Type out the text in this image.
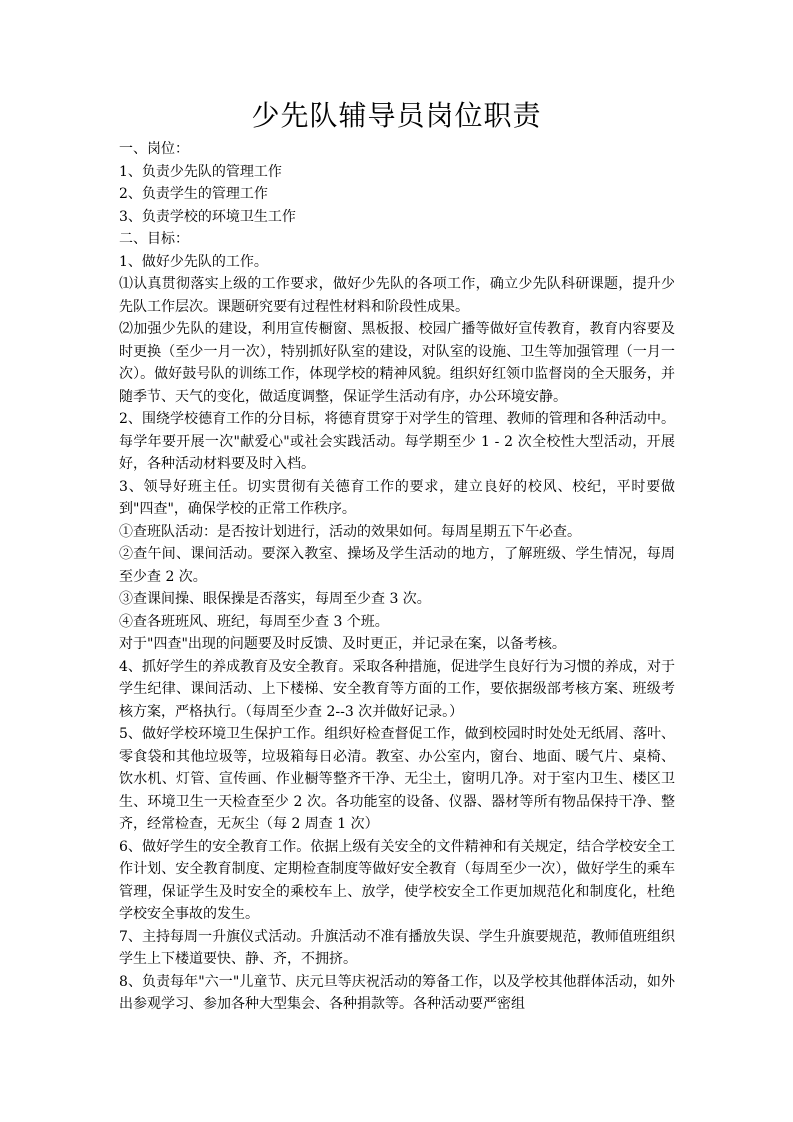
少先队辅导员岗位职责

一、岗位：

1、负责少先队的管理工作

2、负责学生的管理工作

3、负责学校的环境卫生工作

二、目标：

1、做好少先队的工作。

⑴认真贯彻落实上级的工作要求，做好少先队的各项工作，确立少先队科研课题，提升少先队工作层次。课题研究要有过程性材料和阶段性成果。

⑵加强少先队的建设，利用宣传橱窗、黑板报、校园广播等做好宣传教育，教育内容要及时更换（至少一月一次），特别抓好队室的建设，对队室的设施、卫生等加强管理（一月一次）。做好鼓号队的训练工作，体现学校的精神风貌。组织好红领巾监督岗的全天服务，并随季节、天气的变化，做适度调整，保证学生活动有序，办公环境安静。

2、围绕学校德育工作的分目标，将德育贯穿于对学生的管理、教师的管理和各种活动中。每学年要开展一次"献爱心"或社会实践活动。每学期至少 1 - 2 次全校性大型活动，开展好，各种活动材料要及时入档。

3、领导好班主任。切实贯彻有关德育工作的要求，建立良好的校风、校纪，平时要做到"四查"，确保学校的正常工作秩序。

①查班队活动：是否按计划进行，活动的效果如何。每周星期五下午必查。

②查午间、课间活动。要深入教室、操场及学生活动的地方，了解班级、学生情况，每周至少查 2 次。

③查课间操、眼保操是否落实，每周至少查 3 次。

④查各班班风、班纪，每周至少查 3 个班。

对于"四查"出现的问题要及时反馈、及时更正，并记录在案，以备考核。

4、抓好学生的养成教育及安全教育。采取各种措施，促进学生良好行为习惯的养成，对于学生纪律、课间活动、上下楼梯、安全教育等方面的工作，要依据级部考核方案、班级考核方案，严格执行。（每周至少查 2--3 次并做好记录。）

5、做好学校环境卫生保护工作。组织好检查督促工作，做到校园时时处处无纸屑、落叶、零食袋和其他垃圾等，垃圾箱每日必清。教室、办公室内，窗台、地面、暖气片、桌椅、饮水机、灯管、宣传画、作业橱等整齐干净、无尘土，窗明几净。对于室内卫生、楼区卫生、环境卫生一天检查至少 2 次。各功能室的设备、仪器、器材等所有物品保持干净、整齐，经常检查，无灰尘（每 2 周查 1 次）

6、做好学生的安全教育工作。依据上级有关安全的文件精神和有关规定，结合学校安全工作计划、安全教育制度、定期检查制度等做好安全教育（每周至少一次），做好学生的乘车管理，保证学生及时安全的乘校车上、放学，使学校安全工作更加规范化和制度化，杜绝学校安全事故的发生。

7、主持每周一升旗仪式活动。升旗活动不准有播放失误、学生升旗要规范，教师值班组织学生上下楼道要快、静、齐，不拥挤。

8、负责每年"六一"儿童节、庆元旦等庆祝活动的筹备工作，以及学校其他群体活动，如外出参观学习、参加各种大型集会、各种捐款等。各种活动要严密组
